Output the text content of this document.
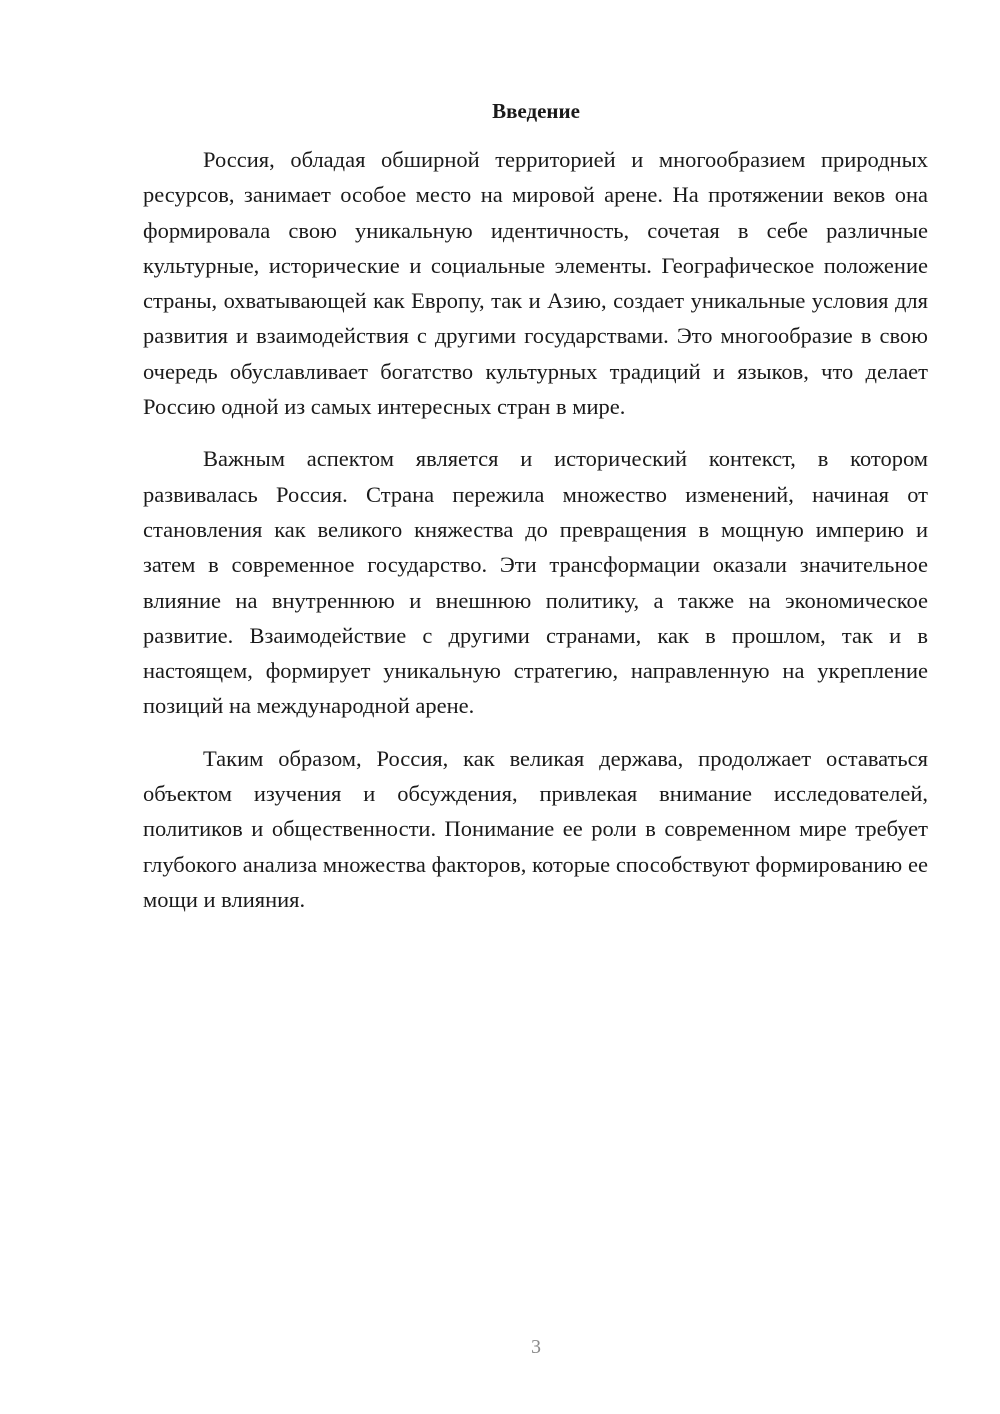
Введение

Россия, обладая обширной территорией и многообразием природных ресурсов, занимает особое место на мировой арене. На протяжении веков она формировала свою уникальную идентичность, сочетая в себе различные культурные, исторические и социальные элементы. Географическое положение страны, охватывающей как Европу, так и Азию, создает уникальные условия для развития и взаимодействия с другими государствами. Это многообразие в свою очередь обуславливает богатство культурных традиций и языков, что делает Россию одной из самых интересных стран в мире.

Важным аспектом является и исторический контекст, в котором развивалась Россия. Страна пережила множество изменений, начиная от становления как великого княжества до превращения в мощную империю и затем в современное государство. Эти трансформации оказали значительное влияние на внутреннюю и внешнюю политику, а также на экономическое развитие. Взаимодействие с другими странами, как в прошлом, так и в настоящем, формирует уникальную стратегию, направленную на укрепление позиций на международной арене.

Таким образом, Россия, как великая держава, продолжает оставаться объектом изучения и обсуждения, привлекая внимание исследователей, политиков и общественности. Понимание ее роли в современном мире требует глубокого анализа множества факторов, которые способствуют формированию ее мощи и влияния.

3
